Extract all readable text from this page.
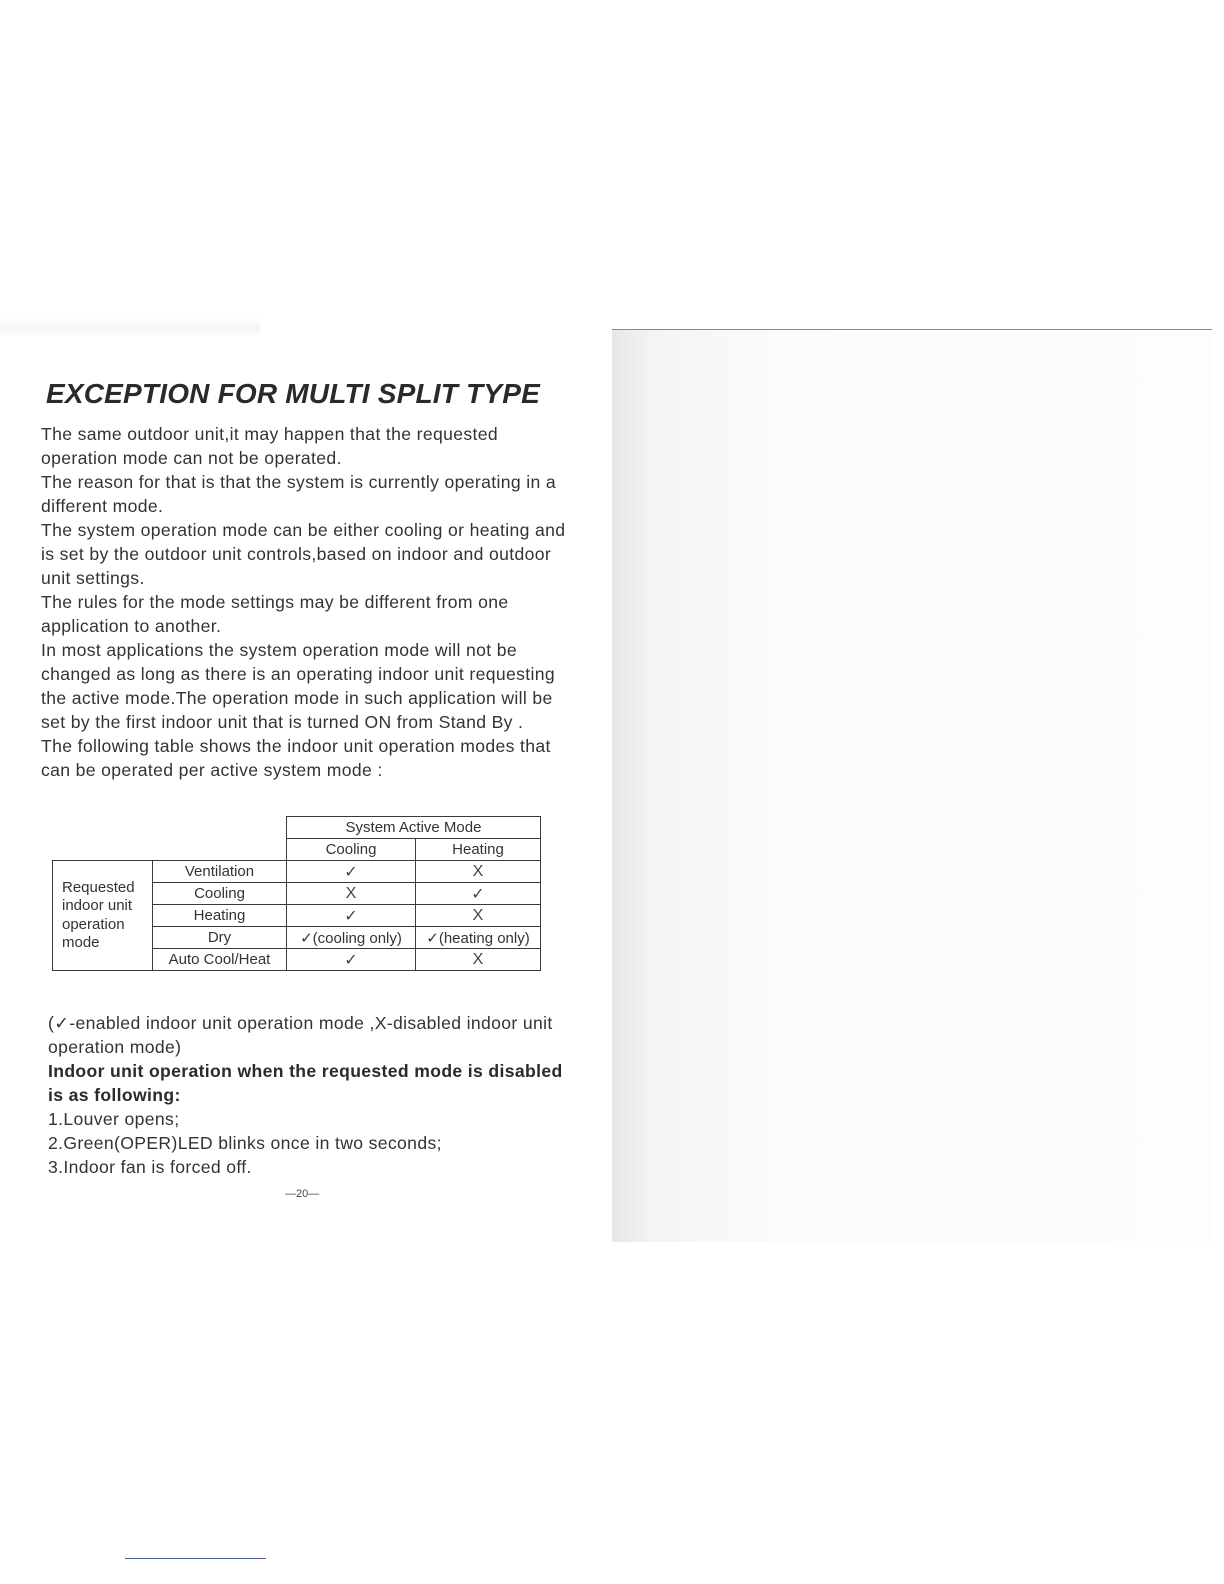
EXCEPTION FOR MULTI SPLIT TYPE

The same outdoor unit,it may happen that the requested operation mode can not be operated.

The reason for that is that the system is currently operating in a different mode.

The system operation mode can be either cooling or heating and is set by the outdoor unit controls,based on indoor and outdoor unit settings.

The rules for the mode settings may be different from one application to another.

In most applications the system operation mode will not be changed as long as there is an operating indoor unit requesting the active mode.The operation mode in such application will be set by the first indoor unit that is turned ON from Stand By .

The following table shows the indoor unit operation modes that can be operated per active system mode :

		System Active Mode	
		Cooling	Heating
Requested indoor unit operation mode	Ventilation	✓	X
	Cooling	X	✓
	Heating	✓	X
	Dry	✓(cooling only)	✓(heating only)
	Auto Cool/Heat	✓	X

(✓-enabled indoor unit operation mode ,X-disabled indoor unit operation mode)

Indoor unit operation when the requested mode is disabled is as following:

1.Louver opens;

2.Green(OPER)LED blinks once in two seconds;

3.Indoor fan is forced off.

—20—
